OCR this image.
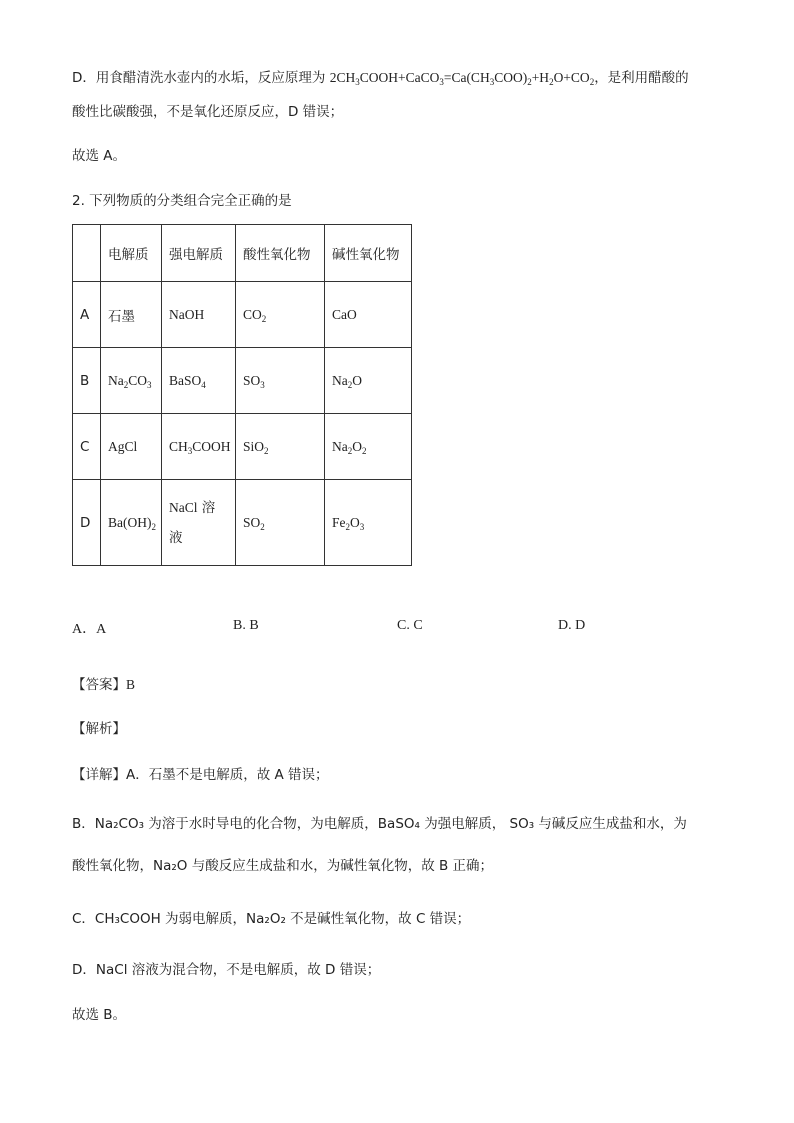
D．用食醋清洗水壶内的水垢，反应原理为 $2CH_3COOH+CaCO_3=Ca(CH_3COO)_2+H_2O+CO_2$，是利用醋酸的
酸性比碳酸强，不是氧化还原反应，D 错误；
故选 A。
2. 下列物质的分类组合完全正确的是
	电解质	强电解质	酸性氧化物	碱性氧化物
A	石墨	NaOH	$CO_2$	CaO
B	$Na_2CO_3$	BaSO$_4$	$SO_3$	$Na_2O$
C	AgCl	$CH_3COOH$	SiO$_2$	$Na_2O_2$
D	$Ba(OH)_2$	NaCl 溶
液	$SO_2$	$Fe_2O_3$
A．A	B. B	C. C	D. D
【答案】B
【解析】
【详解】A．石墨不是电解质，故 A 错误；
B．Na₂CO₃ 为溶于水时导电的化合物，为电解质，BaSO₄ 为强电解质， SO₃ 与碱反应生成盐和水，为
酸性氧化物，Na₂O 与酸反应生成盐和水，为碱性氧化物，故 B 正确；
C．CH₃COOH 为弱电解质，Na₂O₂ 不是碱性氧化物，故 C 错误；
D．NaCl 溶液为混合物，不是电解质，故 D 错误；
故选 B。
